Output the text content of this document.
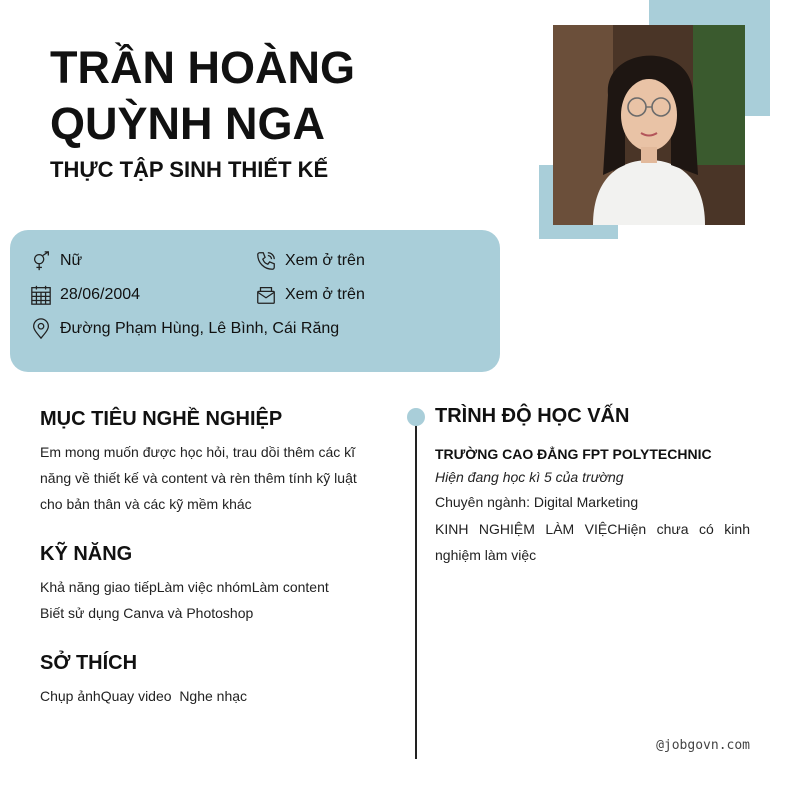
TRẦN HOÀNG
QUỲNH NGA
THỰC TẬP SINH THIẾT KẾ
Nữ	Xem ở trên
28/06/2004	Xem ở trên
Đường Phạm Hùng, Lê Bình, Cái Răng
MỤC TIÊU NGHỀ NGHIỆP
Em mong muốn được học hỏi, trau dồi thêm các kĩ
năng về thiết kế và content và rèn thêm tính kỹ luật
cho bản thân và các kỹ mềm khác
KỸ NĂNG
Khả năng giao tiếpLàm việc nhómLàm content
Biết sử dụng Canva và Photoshop
SỞ THÍCH
Chụp ảnhQuay video  Nghe nhạc
TRÌNH ĐỘ HỌC VẤN
TRƯỜNG CAO ĐẲNG FPT POLYTECHNIC
Hiện đang học kì 5 của trường
Chuyên ngành: Digital Marketing
KINH NGHIỆM LÀM VIỆCHiện chưa có kinh nghiệm làm việc
@jobgovn.com
